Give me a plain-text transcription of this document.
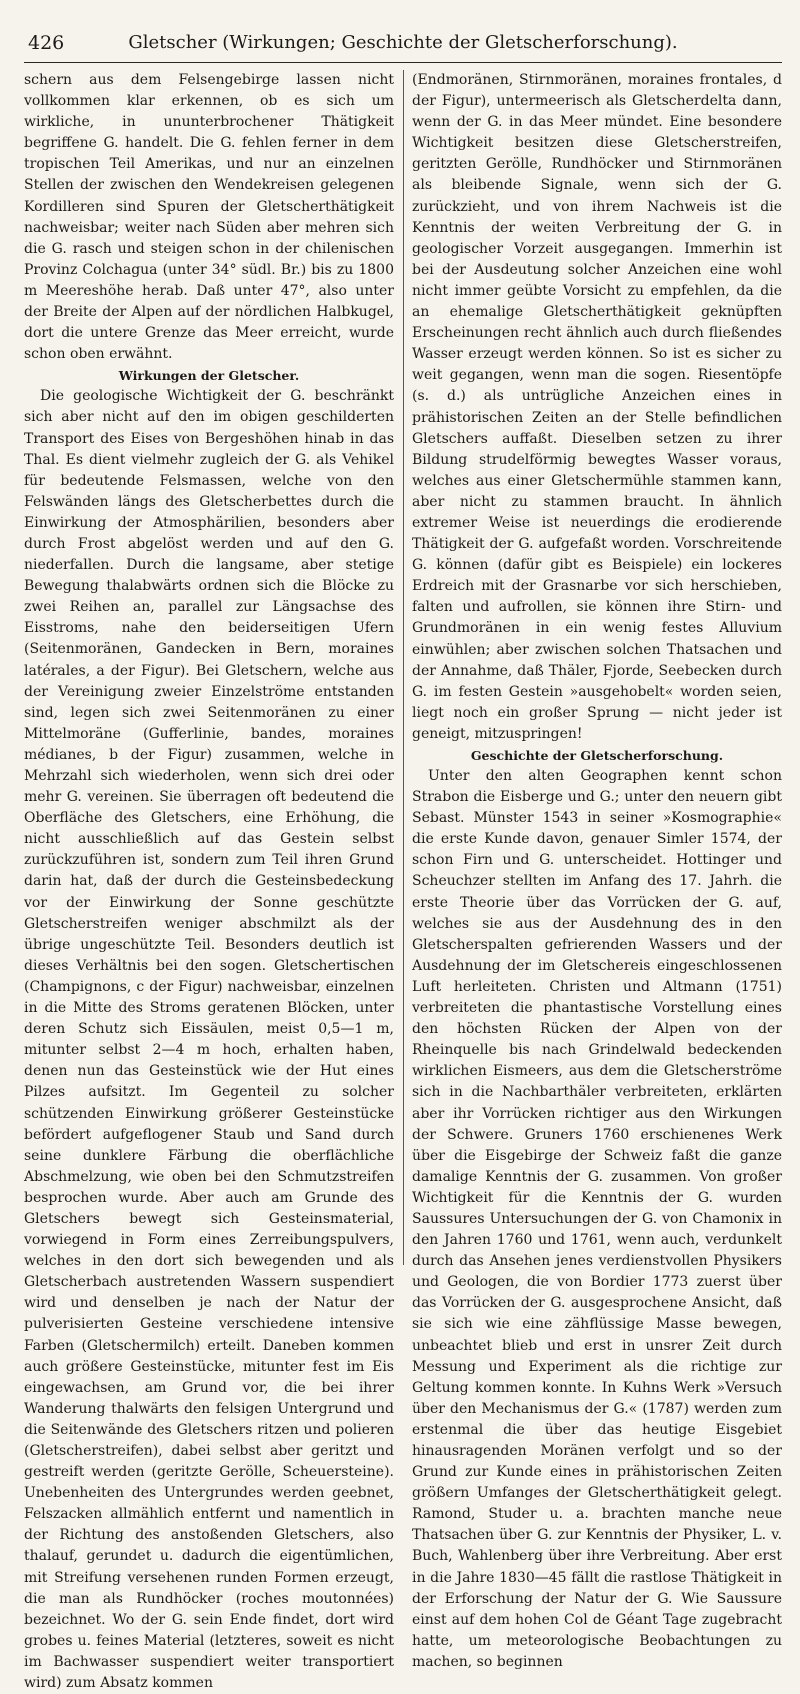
426	Gletscher (Wirkungen; Geschichte der Gletscherforschung).

schern aus dem Felsengebirge lassen nicht vollkommen klar erkennen, ob es sich um wirkliche, in ununterbrochener Thätigkeit begriffene G. handelt. Die G. fehlen ferner in dem tropischen Teil Amerikas, und nur an einzelnen Stellen der zwischen den Wendekreisen gelegenen Kordilleren sind Spuren der Gletscherthätigkeit nachweisbar; weiter nach Süden aber mehren sich die G. rasch und steigen schon in der chilenischen Provinz Colchagua (unter 34° südl. Br.) bis zu 1800 m Meereshöhe herab. Daß unter 47°, also unter der Breite der Alpen auf der nördlichen Halbkugel, dort die untere Grenze das Meer erreicht, wurde schon oben erwähnt.

Wirkungen der Gletscher.

Die geologische Wichtigkeit der G. beschränkt sich aber nicht auf den im obigen geschilderten Transport des Eises von Bergeshöhen hinab in das Thal. Es dient vielmehr zugleich der G. als Vehikel für bedeutende Felsmassen, welche von den Felswänden längs des Gletscherbettes durch die Einwirkung der Atmosphärilien, besonders aber durch Frost abgelöst werden und auf den G. niederfallen. Durch die langsame, aber stetige Bewegung thalabwärts ordnen sich die Blöcke zu zwei Reihen an, parallel zur Längsachse des Eisstroms, nahe den beiderseitigen Ufern (Seitenmoränen, Gandecken in Bern, moraines latérales, a der Figur). Bei Gletschern, welche aus der Vereinigung zweier Einzelströme entstanden sind, legen sich zwei Seitenmoränen zu einer Mittelmoräne (Gufferlinie, bandes, moraines médianes, b der Figur) zusammen, welche in Mehrzahl sich wiederholen, wenn sich drei oder mehr G. vereinen. Sie überragen oft bedeutend die Oberfläche des Gletschers, eine Erhöhung, die nicht ausschließlich auf das Gestein selbst zurückzuführen ist, sondern zum Teil ihren Grund darin hat, daß der durch die Gesteinsbedeckung vor der Einwirkung der Sonne geschützte Gletscherstreifen weniger abschmilzt als der übrige ungeschützte Teil. Besonders deutlich ist dieses Verhältnis bei den sogen. Gletschertischen (Champignons, c der Figur) nachweisbar, einzelnen in die Mitte des Stroms geratenen Blöcken, unter deren Schutz sich Eissäulen, meist 0,5—1 m, mitunter selbst 2—4 m hoch, erhalten haben, denen nun das Gesteinstück wie der Hut eines Pilzes aufsitzt. Im Gegenteil zu solcher schützenden Einwirkung größerer Gesteinstücke befördert aufgeflogener Staub und Sand durch seine dunklere Färbung die oberflächliche Abschmelzung, wie oben bei den Schmutzstreifen besprochen wurde. Aber auch am Grunde des Gletschers bewegt sich Gesteinsmaterial, vorwiegend in Form eines Zerreibungspulvers, welches in den dort sich bewegenden und als Gletscherbach austretenden Wassern suspendiert wird und denselben je nach der Natur der pulverisierten Gesteine verschiedene intensive Farben (Gletschermilch) erteilt. Daneben kommen auch größere Gesteinstücke, mitunter fest im Eis eingewachsen, am Grund vor, die bei ihrer Wanderung thalwärts den felsigen Untergrund und die Seitenwände des Gletschers ritzen und polieren (Gletscherstreifen), dabei selbst aber geritzt und gestreift werden (geritzte Gerölle, Scheuersteine). Unebenheiten des Untergrundes werden geebnet, Felszacken allmählich entfernt und namentlich in der Richtung des anstoßenden Gletschers, also thalauf, gerundet u. dadurch die eigentümlichen, mit Streifung versehenen runden Formen erzeugt, die man als Rundhöcker (roches moutonnées) bezeichnet. Wo der G. sein Ende findet, dort wird grobes u. feines Material (letzteres, soweit es nicht im Bachwasser suspendiert weiter transportiert wird) zum Absatz kommen

(Endmoränen, Stirnmoränen, moraines frontales, d der Figur), untermeerisch als Gletscherdelta dann, wenn der G. in das Meer mündet. Eine besondere Wichtigkeit besitzen diese Gletscherstreifen, geritzten Gerölle, Rundhöcker und Stirnmoränen als bleibende Signale, wenn sich der G. zurückzieht, und von ihrem Nachweis ist die Kenntnis der weiten Verbreitung der G. in geologischer Vorzeit ausgegangen. Immerhin ist bei der Ausdeutung solcher Anzeichen eine wohl nicht immer geübte Vorsicht zu empfehlen, da die an ehemalige Gletscherthätigkeit geknüpften Erscheinungen recht ähnlich auch durch fließendes Wasser erzeugt werden können. So ist es sicher zu weit gegangen, wenn man die sogen. Riesentöpfe (s. d.) als untrügliche Anzeichen eines in prähistorischen Zeiten an der Stelle befindlichen Gletschers auffaßt. Dieselben setzen zu ihrer Bildung strudelförmig bewegtes Wasser voraus, welches aus einer Gletschermühle stammen kann, aber nicht zu stammen braucht. In ähnlich extremer Weise ist neuerdings die erodierende Thätigkeit der G. aufgefaßt worden. Vorschreitende G. können (dafür gibt es Beispiele) ein lockeres Erdreich mit der Grasnarbe vor sich herschieben, falten und aufrollen, sie können ihre Stirn- und Grundmoränen in ein wenig festes Alluvium einwühlen; aber zwischen solchen Thatsachen und der Annahme, daß Thäler, Fjorde, Seebecken durch G. im festen Gestein »ausgehobelt« worden seien, liegt noch ein großer Sprung — nicht jeder ist geneigt, mitzuspringen!

Geschichte der Gletscherforschung.

Unter den alten Geographen kennt schon Strabon die Eisberge und G.; unter den neuern gibt Sebast. Münster 1543 in seiner »Kosmographie« die erste Kunde davon, genauer Simler 1574, der schon Firn und G. unterscheidet. Hottinger und Scheuchzer stellten im Anfang des 17. Jahrh. die erste Theorie über das Vorrücken der G. auf, welches sie aus der Ausdehnung des in den Gletscherspalten gefrierenden Wassers und der Ausdehnung der im Gletschereis eingeschlossenen Luft herleiteten. Christen und Altmann (1751) verbreiteten die phantastische Vorstellung eines den höchsten Rücken der Alpen von der Rheinquelle bis nach Grindelwald bedeckenden wirklichen Eismeers, aus dem die Gletscherströme sich in die Nachbarthäler verbreiteten, erklärten aber ihr Vorrücken richtiger aus den Wirkungen der Schwere. Gruners 1760 erschienenes Werk über die Eisgebirge der Schweiz faßt die ganze damalige Kenntnis der G. zusammen. Von großer Wichtigkeit für die Kenntnis der G. wurden Saussures Untersuchungen der G. von Chamonix in den Jahren 1760 und 1761, wenn auch, verdunkelt durch das Ansehen jenes verdienstvollen Physikers und Geologen, die von Bordier 1773 zuerst über das Vorrücken der G. ausgesprochene Ansicht, daß sie sich wie eine zähflüssige Masse bewegen, unbeachtet blieb und erst in unsrer Zeit durch Messung und Experiment als die richtige zur Geltung kommen konnte. In Kuhns Werk »Versuch über den Mechanismus der G.« (1787) werden zum erstenmal die über das heutige Eisgebiet hinausragenden Moränen verfolgt und so der Grund zur Kunde eines in prähistorischen Zeiten größern Umfanges der Gletscherthätigkeit gelegt. Ramond, Studer u. a. brachten manche neue Thatsachen über G. zur Kenntnis der Physiker, L. v. Buch, Wahlenberg über ihre Verbreitung. Aber erst in die Jahre 1830—45 fällt die rastlose Thätigkeit in der Erforschung der Natur der G. Wie Saussure einst auf dem hohen Col de Géant Tage zugebracht hatte, um meteorologische Beobachtungen zu machen, so beginnen
